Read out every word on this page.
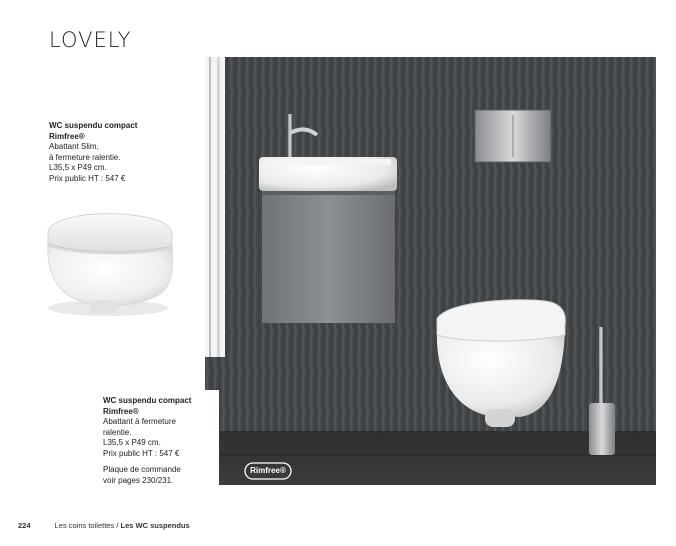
LOVELY
WC suspendu compact
Rimfree®
Abattant Slim,
à fermeture ralentie.
L35,5 x P49 cm.
Prix public HT : 547 €
Rimfree®
WC suspendu compact
Rimfree®
Abattant à fermeture
ralentie.
L35,5 x P49 cm.
Prix public HT : 547 €
Plaque de commande
voir pages 230/231.
224	Les coins toilettes / Les WC suspendus
